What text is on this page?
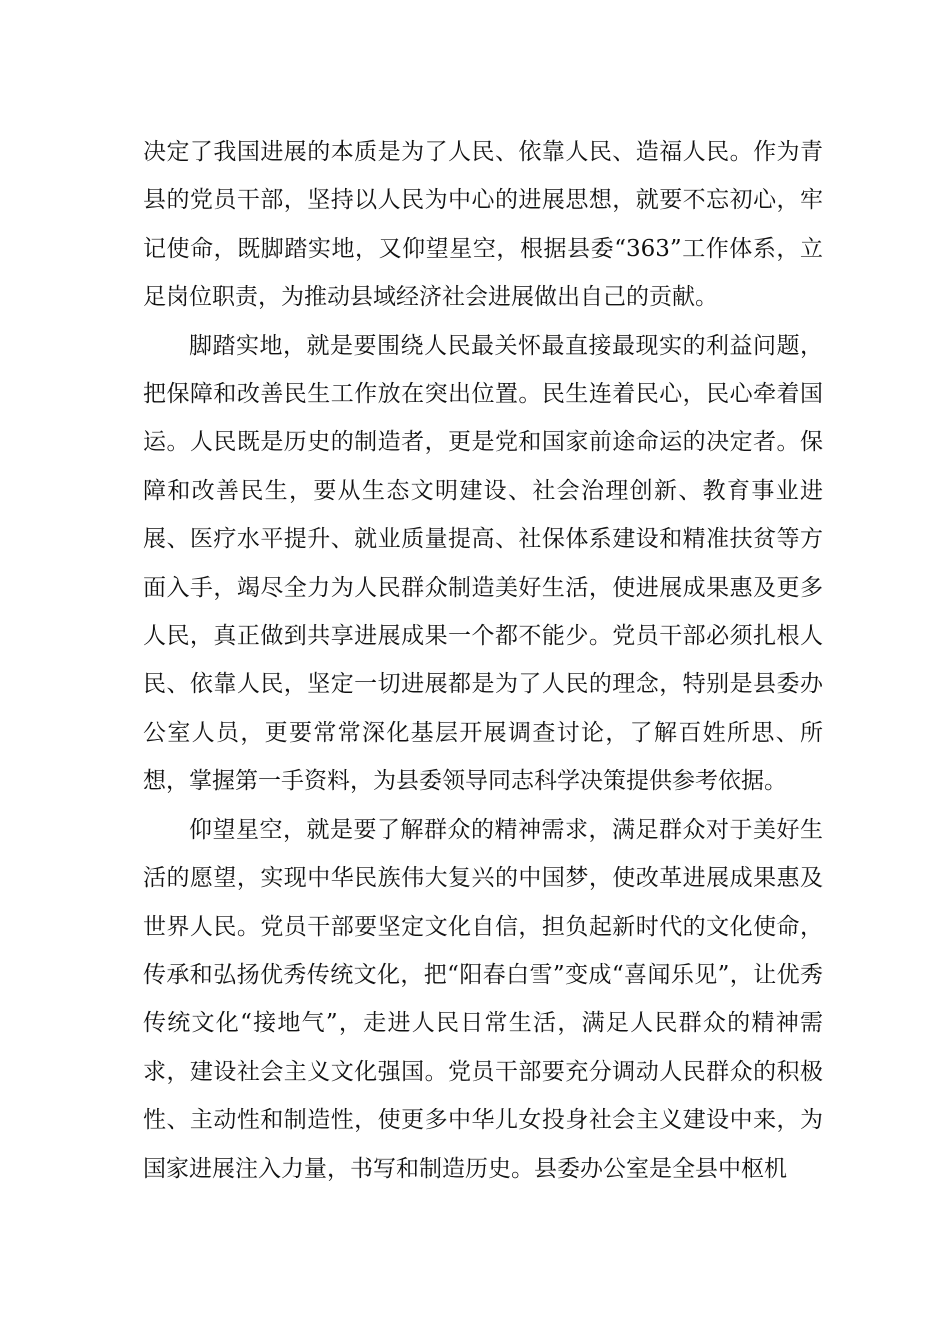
决定了我国进展的本质是为了人民、依靠人民、造福人民。作为青县的党员干部，坚持以人民为中心的进展思想，就要不忘初心，牢记使命，既脚踏实地，又仰望星空，根据县委“363”工作体系，立足岗位职责，为推动县域经济社会进展做出自己的贡献。

脚踏实地，就是要围绕人民最关怀最直接最现实的利益问题，把保障和改善民生工作放在突出位置。民生连着民心，民心牵着国运。人民既是历史的制造者，更是党和国家前途命运的决定者。保障和改善民生，要从生态文明建设、社会治理创新、教育事业进展、医疗水平提升、就业质量提高、社保体系建设和精准扶贫等方面入手，竭尽全力为人民群众制造美好生活，使进展成果惠及更多人民，真正做到共享进展成果一个都不能少。党员干部必须扎根人民、依靠人民，坚定一切进展都是为了人民的理念，特别是县委办公室人员，更要常常深化基层开展调查讨论，了解百姓所思、所想，掌握第一手资料，为县委领导同志科学决策提供参考依据。

仰望星空，就是要了解群众的精神需求，满足群众对于美好生活的愿望，实现中华民族伟大复兴的中国梦，使改革进展成果惠及世界人民。党员干部要坚定文化自信，担负起新时代的文化使命，传承和弘扬优秀传统文化，把“阳春白雪”变成“喜闻乐见”，让优秀传统文化“接地气”，走进人民日常生活，满足人民群众的精神需求，建设社会主义文化强国。党员干部要充分调动人民群众的积极性、主动性和制造性，使更多中华儿女投身社会主义建设中来，为国家进展注入力量，书写和制造历史。县委办公室是全县中枢机
